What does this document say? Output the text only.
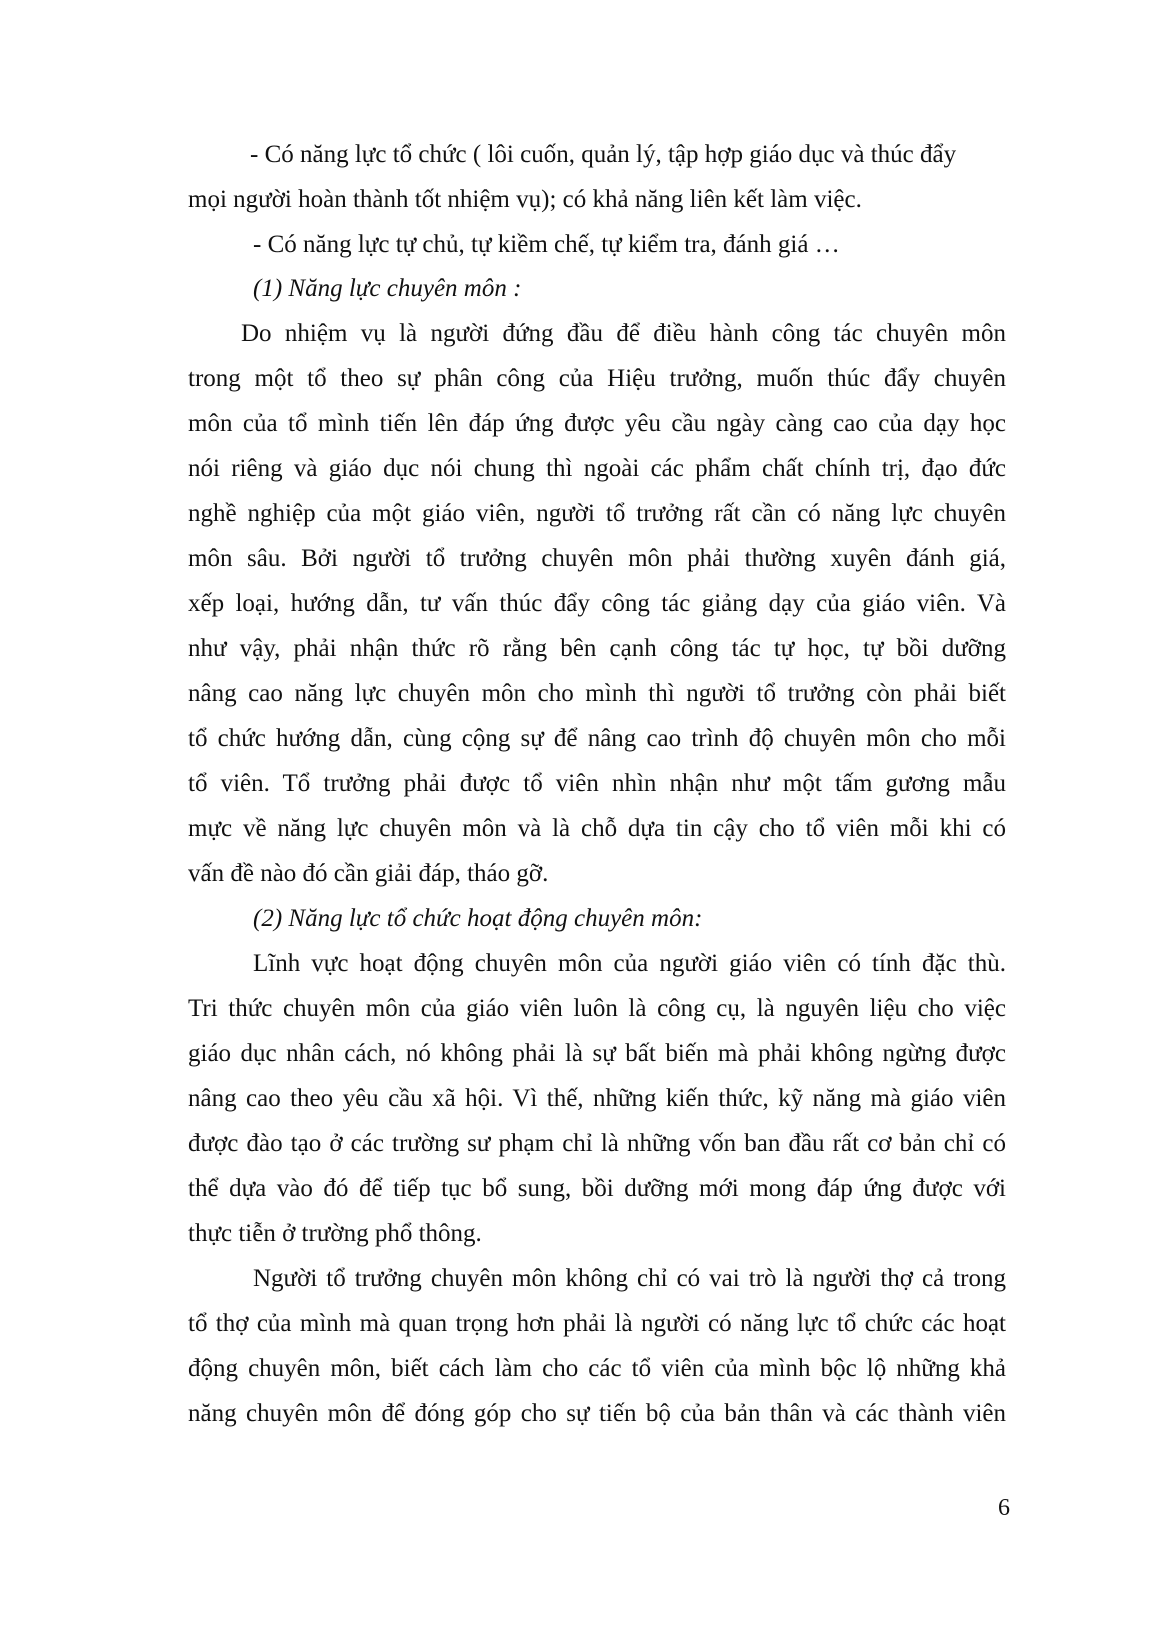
- Có năng lực tổ chức ( lôi cuốn, quản lý, tập hợp giáo dục và thúc đẩy
mọi người hoàn thành tốt nhiệm vụ); có khả năng liên kết làm việc.
- Có năng lực tự chủ, tự kiềm chế, tự kiểm tra, đánh giá …
(1) Năng lực chuyên môn :
Do nhiệm vụ là người đứng đầu để điều hành công tác chuyên môn
trong một tổ theo sự phân công của Hiệu trưởng, muốn thúc đẩy chuyên
môn của tổ mình tiến lên đáp ứng được yêu cầu ngày càng cao của dạy học
nói riêng và giáo dục nói chung thì ngoài các phẩm chất chính trị, đạo đức
nghề nghiệp của một giáo viên, người tổ trưởng rất cần có năng lực chuyên
môn sâu. Bởi người tổ trưởng chuyên môn phải thường xuyên đánh giá,
xếp loại, hướng dẫn, tư vấn thúc đẩy công tác giảng dạy của giáo viên. Và
như vậy, phải nhận thức rõ rằng bên cạnh công tác tự học, tự bồi dưỡng
nâng cao năng lực chuyên môn cho mình thì người tổ trưởng còn phải biết
tổ chức hướng dẫn, cùng cộng sự để nâng cao trình độ chuyên môn cho mỗi
tổ viên. Tổ trưởng phải được tổ viên nhìn nhận như một tấm gương mẫu
mực về năng lực chuyên môn và là chỗ dựa tin cậy cho tổ viên mỗi khi có
vấn đề nào đó cần giải đáp, tháo gỡ.
(2) Năng lực tổ chức hoạt động chuyên môn:
Lĩnh vực hoạt động chuyên môn của người giáo viên có tính đặc thù.
Tri thức chuyên môn của giáo viên luôn là công cụ, là nguyên liệu cho việc
giáo dục nhân cách, nó không phải là sự bất biến mà phải không ngừng được
nâng cao theo yêu cầu xã hội. Vì thế, những kiến thức, kỹ năng mà giáo viên
được đào tạo ở các trường sư phạm chỉ là những vốn ban đầu rất cơ bản chỉ có
thể dựa vào đó để tiếp tục bổ sung, bồi dưỡng mới mong đáp ứng được với
thực tiễn ở trường phổ thông.
Người tổ trưởng chuyên môn không chỉ có vai trò là người thợ cả trong
tổ thợ của mình mà quan trọng hơn phải là người có năng lực tổ chức các hoạt
động chuyên môn, biết cách làm cho các tổ viên của mình bộc lộ những khả
năng chuyên môn để đóng góp cho sự tiến bộ của bản thân và các thành viên
6
